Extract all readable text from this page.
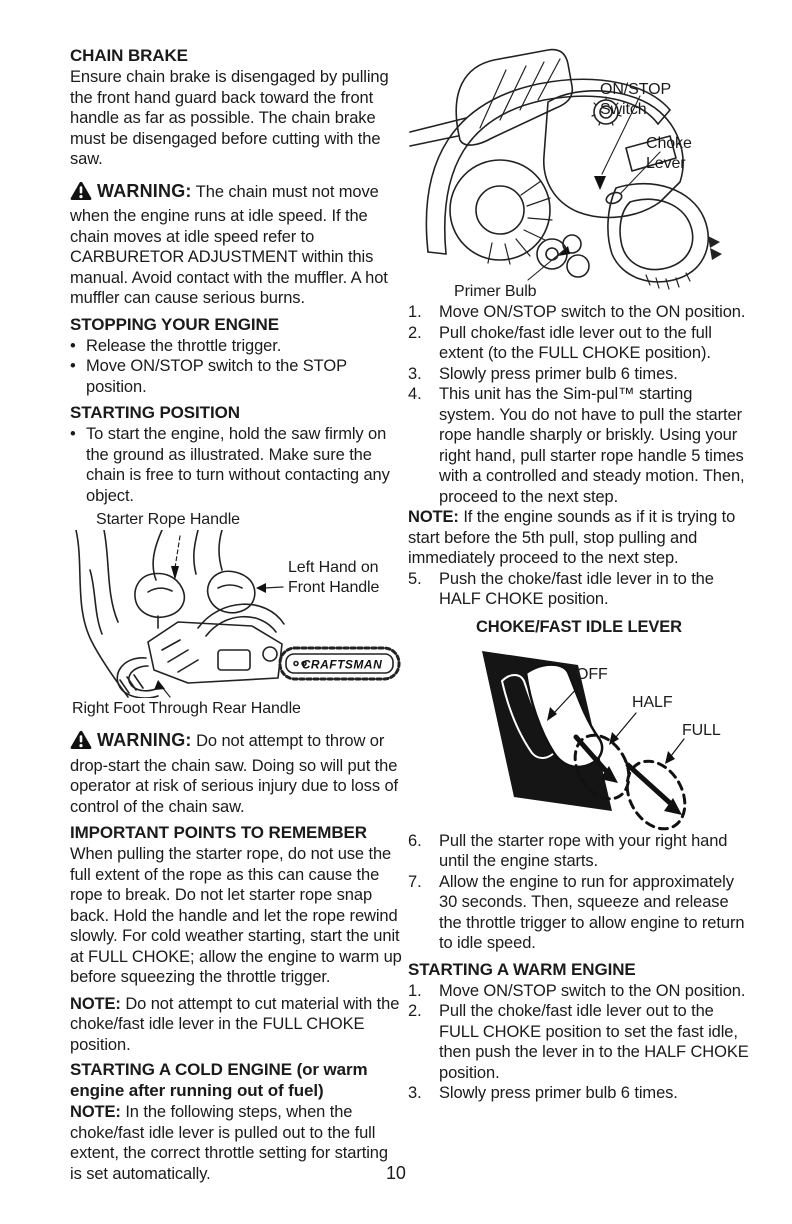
CHAIN BRAKE

Ensure chain brake is disengaged by pulling the front hand guard back toward the front handle as far as possible. The chain brake must be disengaged before cutting with the saw.

WARNING: The chain must not move when the engine runs at idle speed. If the chain moves at idle speed refer to CARBURETOR ADJUSTMENT within this manual. Avoid contact with the muffler. A hot muffler can cause serious burns.

STOPPING YOUR ENGINE
• Release the throttle trigger.
• Move ON/STOP switch to the STOP position.
STARTING POSITION
• To start the engine, hold the saw firmly on the ground as illustrated. Make sure the chain is free to turn without contacting any object.
Starter Rope Handle
CRAFTSMAN
Left Hand on Front Handle
Right Foot Through Rear Handle

WARNING: Do not attempt to throw or drop-start the chain saw. Doing so will put the operator at risk of serious injury due to loss of control of the chain saw.

IMPORTANT POINTS TO REMEMBER

When pulling the starter rope, do not use the full extent of the rope as this can cause the rope to break. Do not let starter rope snap back. Hold the handle and let the rope rewind slowly. For cold weather starting, start the unit at FULL CHOKE; allow the engine to warm up before squeezing the throttle trigger.

NOTE: Do not attempt to cut material with the choke/fast idle lever in the FULL CHOKE position.

STARTING A COLD ENGINE (or warm engine after running out of fuel)

NOTE: In the following steps, when the choke/fast idle lever is pulled out to the full extent, the correct throttle setting for starting is set automatically.

ON/STOP Switch
Choke Lever
Primer Bulb
1.	Move ON/STOP switch to the ON position.
2.	Pull choke/fast idle lever out to the full extent (to the FULL CHOKE position).
3.	Slowly press primer bulb 6 times.
4.	This unit has the Sim-pul™ starting system. You do not have to pull the starter rope handle sharply or briskly. Using your right hand, pull starter rope handle 5 times with a controlled and steady motion. Then, proceed to the next step.

NOTE: If the engine sounds as if it is trying to start before the 5th pull, stop pulling and immediately proceed to the next step.

5.	Push the choke/fast idle lever in to the HALF CHOKE position.
CHOKE/FAST IDLE LEVER
OFF
HALF
FULL
6.	Pull the starter rope with your right hand until the engine starts.
7.	Allow the engine to run for approximately 30 seconds. Then, squeeze and release the throttle trigger to allow engine to return to idle speed.
STARTING A WARM ENGINE
1.	Move ON/STOP switch to the ON position.
2.	Pull the choke/fast idle lever out to the FULL CHOKE position to set the fast idle, then push the lever in to the HALF CHOKE position.
3.	Slowly press primer bulb 6 times.
10
